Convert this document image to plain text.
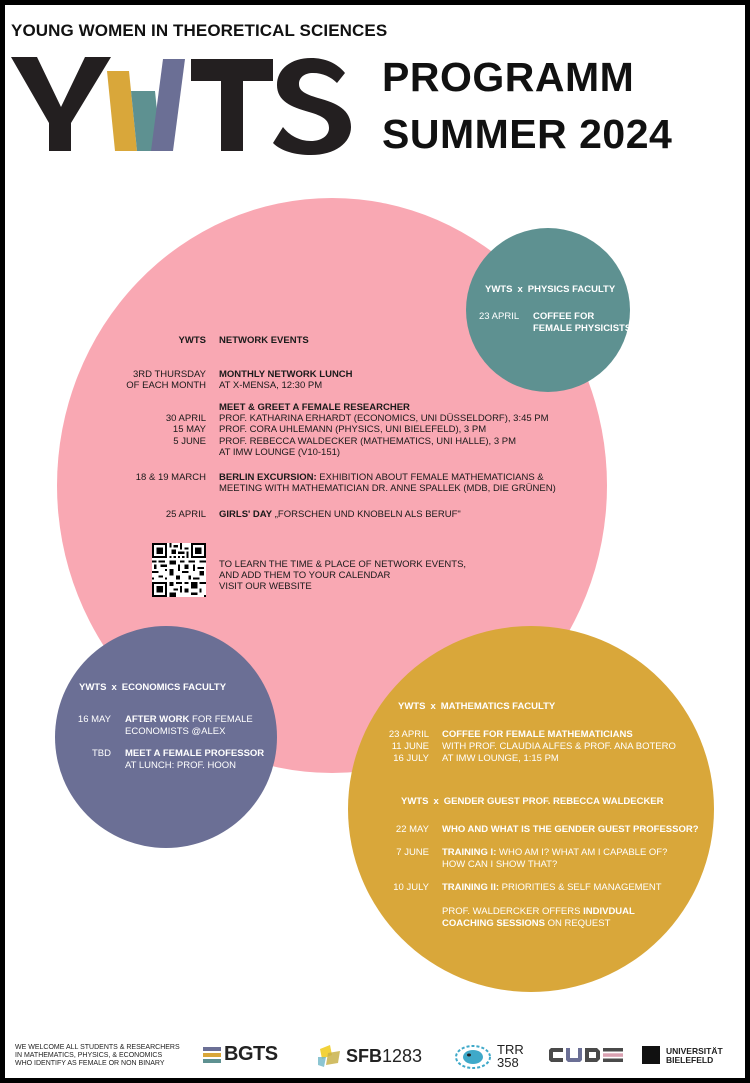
YOUNG WOMEN IN THEORETICAL SCIENCES
PROGRAMM
SUMMER 2024
YWTS x PHYSICS FACULTY
23 APRIL COFFEE FOR
FEMALE PHYSICISTS
YWTS NETWORK EVENTS
3RD THURSDAY
OF EACH MONTH
MONTHLY NETWORK LUNCH
AT X-MENSA, 12:30 PM
MEET & GREET A FEMALE RESEARCHER
30 APRIL PROF. KATHARINA ERHARDT (ECONOMICS, UNI DÜSSELDORF), 3:45 PM
15 MAY PROF. CORA UHLEMANN (PHYSICS, UNI BIELEFELD), 3 PM
5 JUNE PROF. REBECCA WALDECKER (MATHEMATICS, UNI HALLE), 3 PM
AT IMW LOUNGE (V10-151)
18 & 19 MARCH BERLIN EXCURSION: EXHIBITION ABOUT FEMALE MATHEMATICIANS &
MEETING WITH MATHEMATICIAN DR. ANNE SPALLEK (MDB, DIE GRÜNEN)
25 APRIL GIRLS' DAY „FORSCHEN UND KNOBELN ALS BERUF"
TO LEARN THE TIME & PLACE OF NETWORK EVENTS,
AND ADD THEM TO YOUR CALENDAR
VISIT OUR WEBSITE
YWTS x ECONOMICS FACULTY
16 MAY AFTER WORK FOR FEMALE
ECONOMISTS @ALEX
TBD MEET A FEMALE PROFESSOR
AT LUNCH: PROF. HOON
YWTS x MATHEMATICS FACULTY
23 APRIL
11 JUNE
16 JULY
COFFEE FOR FEMALE MATHEMATICIANS
WITH PROF. CLAUDIA ALFES & PROF. ANA BOTERO
AT IMW LOUNGE, 1:15 PM
YWTS x GENDER GUEST PROF. REBECCA WALDECKER
22 MAY WHO AND WHAT IS THE GENDER GUEST PROFESSOR?
7 JUNE TRAINING I: WHO AM I? WHAT AM I CAPABLE OF?
HOW CAN I SHOW THAT?
10 JULY TRAINING II: PRIORITIES & SELF MANAGEMENT
PROF. WALDERCKER OFFERS INDIVDUAL
COACHING SESSIONS ON REQUEST
WE WELCOME ALL STUDENTS & RESEARCHERS
IN MATHEMATICS, PHYSICS, & ECONOMICS
WHO IDENTIFY AS FEMALE OR NON BINARY	BGTS	SFB1283	TRR
358
UNIVERSITÄT
BIELEFELD
